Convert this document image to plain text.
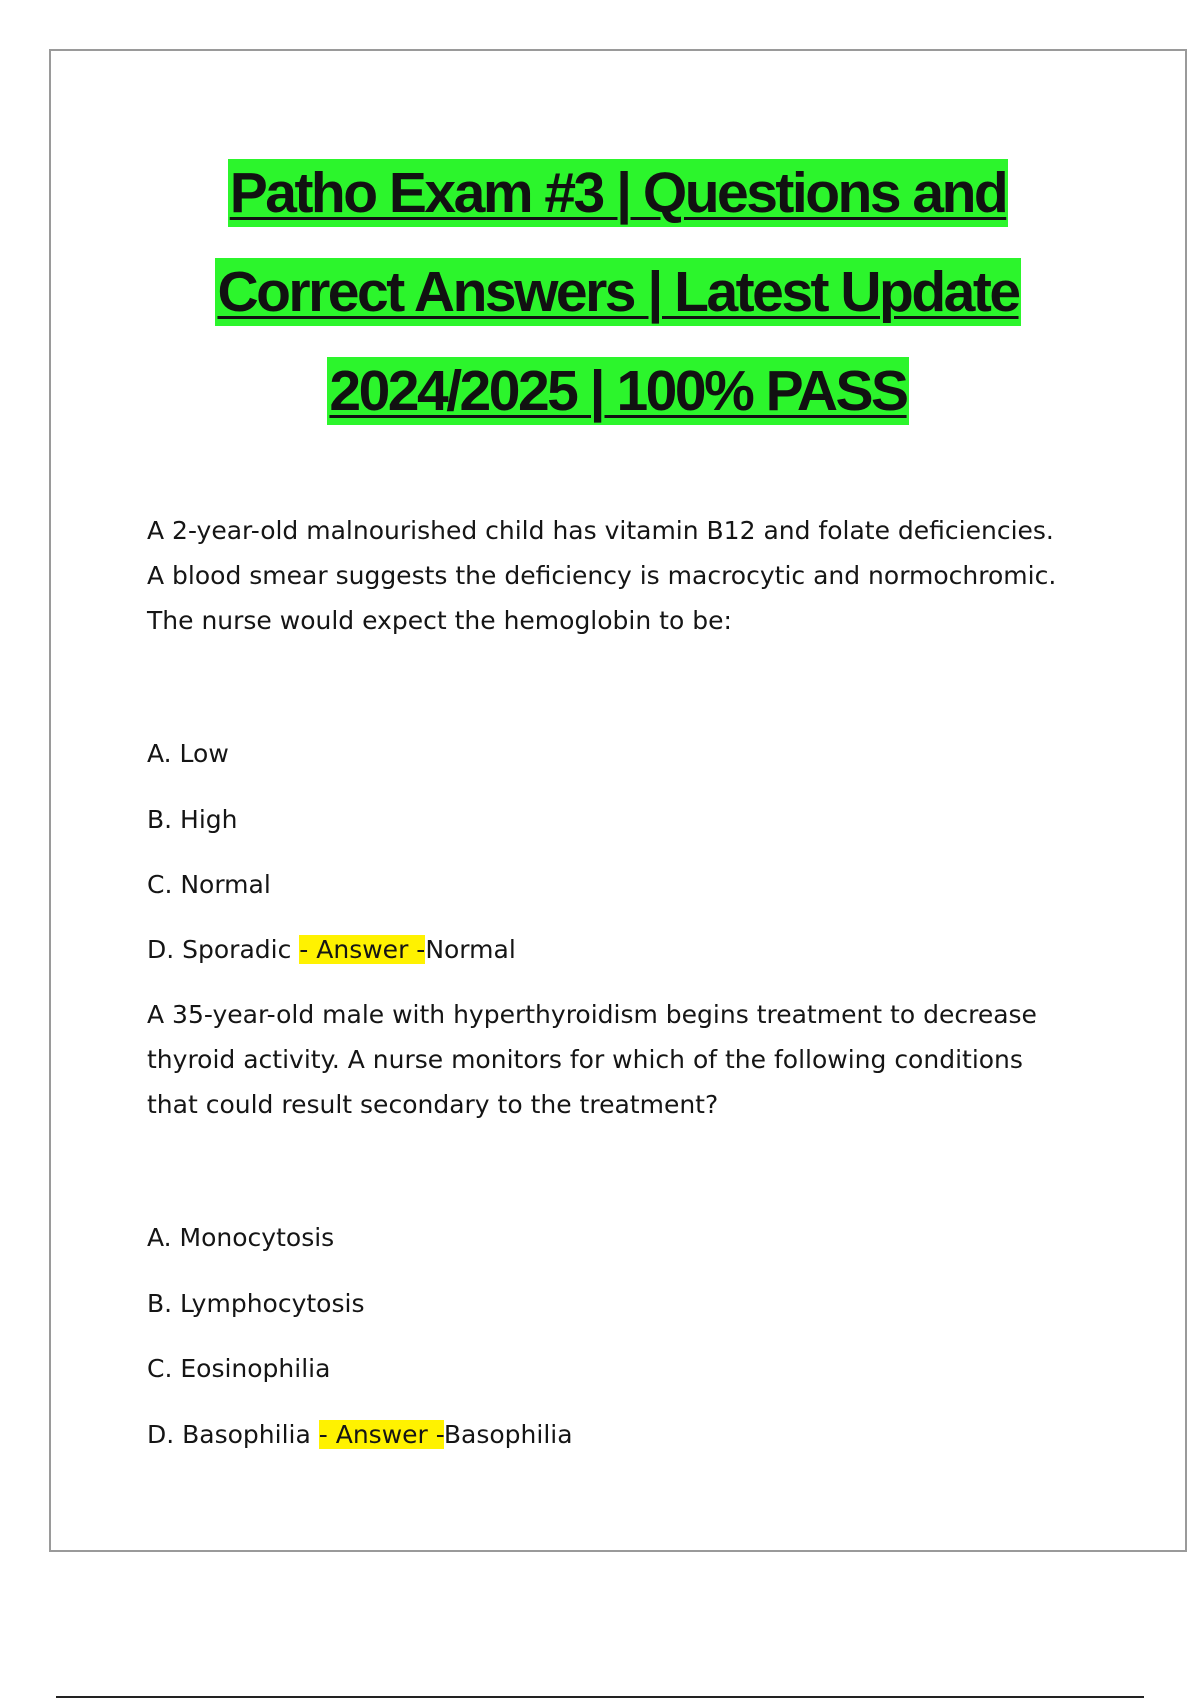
Patho Exam #3 | Questions and
Correct Answers | Latest Update
2024/2025 | 100% PASS
A 2-year-old malnourished child has vitamin B12 and folate deficiencies.
A blood smear suggests the deficiency is macrocytic and normochromic.
The nurse would expect the hemoglobin to be:
A. Low
B. High
C. Normal
D. Sporadic - Answer -Normal
A 35-year-old male with hyperthyroidism begins treatment to decrease
thyroid activity. A nurse monitors for which of the following conditions
that could result secondary to the treatment?
A. Monocytosis
B. Lymphocytosis
C. Eosinophilia
D. Basophilia - Answer -Basophilia
